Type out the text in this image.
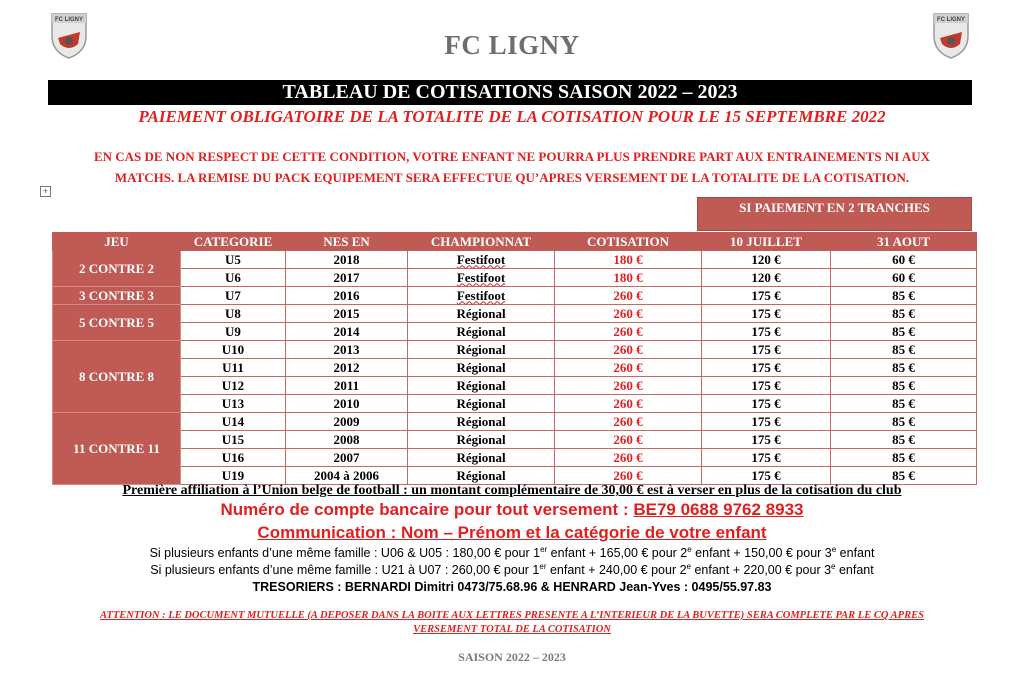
FC LIGNY	FC LIGNY
FC LIGNY
TABLEAU DE COTISATIONS SAISON 2022 – 2023
PAIEMENT OBLIGATOIRE DE LA TOTALITE DE LA COTISATION POUR LE 15 SEPTEMBRE 2022
EN CAS DE NON RESPECT DE CETTE CONDITION, VOTRE ENFANT NE POURRA PLUS PRENDRE PART AUX ENTRAINEMENTS NI AUX
MATCHS. LA REMISE DU PACK EQUIPEMENT SERA EFFECTUE QU’APRES VERSEMENT DE LA TOTALITE DE LA COTISATION.
+
SI PAIEMENT EN 2 TRANCHES
JEU	CATEGORIE	NES EN	CHAMPIONNAT	COTISATION	10 JUILLET	31 AOUT
2 CONTRE 2	U5	2018	Festifoot	180 €	120 €	60 €
	U6	2017	Festifoot	180 €	120 €	60 €
3 CONTRE 3	U7	2016	Festifoot	260 €	175 €	85 €
5 CONTRE 5	U8	2015	Régional	260 €	175 €	85 €
	U9	2014	Régional	260 €	175 €	85 €
8 CONTRE 8	U10	2013	Régional	260 €	175 €	85 €
	U11	2012	Régional	260 €	175 €	85 €
	U12	2011	Régional	260 €	175 €	85 €
	U13	2010	Régional	260 €	175 €	85 €
11 CONTRE 11	U14	2009	Régional	260 €	175 €	85 €
	U15	2008	Régional	260 €	175 €	85 €
	U16	2007	Régional	260 €	175 €	85 €
	U19	2004 à 2006	Régional	260 €	175 €	85 €
Première affiliation à l’Union belge de football : un montant complémentaire de 30,00 € est à verser en plus de la cotisation du club
Numéro de compte bancaire pour tout versement : BE79 0688 9762 8933
Communication : Nom – Prénom et la catégorie de votre enfant
Si plusieurs enfants d’une même famille : U06 & U05 : 180,00 € pour 1er enfant + 165,00 € pour 2e enfant + 150,00 € pour 3e enfant
Si plusieurs enfants d’une même famille : U21 à U07 : 260,00 € pour 1er enfant + 240,00 € pour 2e enfant + 220,00 € pour 3e enfant
TRESORIERS : BERNARDI Dimitri 0473/75.68.96 & HENRARD Jean-Yves : 0495/55.97.83
ATTENTION : LE DOCUMENT MUTUELLE (A DEPOSER DANS LA BOITE AUX LETTRES PRESENTE A L’INTERIEUR DE LA BUVETTE) SERA COMPLETE PAR LE CQ APRES
VERSEMENT TOTAL DE LA COTISATION
SAISON 2022 – 2023
